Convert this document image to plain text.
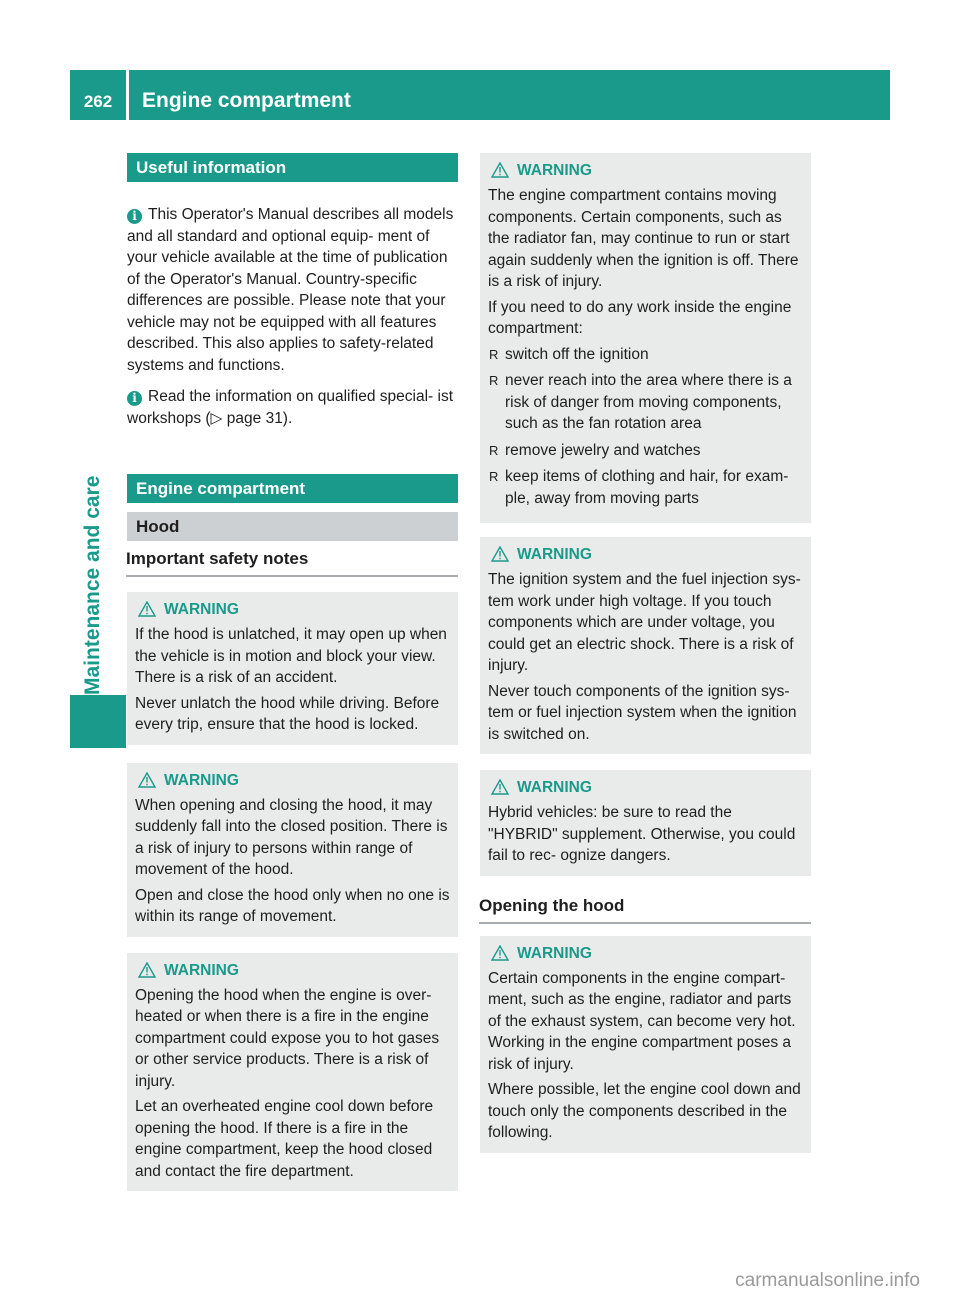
262	Engine compartment
Maintenance and care
Useful information

i This Operator's Manual describes all models and all standard and optional equip- ment of your vehicle available at the time of publication of the Operator's Manual. Country-specific differences are possible. Please note that your vehicle may not be equipped with all features described. This also applies to safety-related systems and functions.

i Read the information on qualified special- ist workshops (▷ page 31).

Engine compartment
Hood
Important safety notes
WARNING

If the hood is unlatched, it may open up when the vehicle is in motion and block your view. There is a risk of an accident.

Never unlatch the hood while driving. Before every trip, ensure that the hood is locked.

WARNING

When opening and closing the hood, it may suddenly fall into the closed position. There is a risk of injury to persons within range of movement of the hood.

Open and close the hood only when no one is within its range of movement.

WARNING

Opening the hood when the engine is over- heated or when there is a fire in the engine compartment could expose you to hot gases or other service products. There is a risk of injury.

Let an overheated engine cool down before opening the hood. If there is a fire in the engine compartment, keep the hood closed and contact the fire department.

WARNING

The engine compartment contains moving components. Certain components, such as the radiator fan, may continue to run or start again suddenly when the ignition is off. There is a risk of injury.

If you need to do any work inside the engine compartment:

R switch off the ignition
R never reach into the area where there is a risk of danger from moving components, such as the fan rotation area
R remove jewelry and watches
R keep items of clothing and hair, for exam- ple, away from moving parts
WARNING

The ignition system and the fuel injection sys- tem work under high voltage. If you touch components which are under voltage, you could get an electric shock. There is a risk of injury.

Never touch components of the ignition sys- tem or fuel injection system when the ignition is switched on.

WARNING

Hybrid vehicles: be sure to read the "HYBRID" supplement. Otherwise, you could fail to rec- ognize dangers.

Opening the hood
WARNING

Certain components in the engine compart- ment, such as the engine, radiator and parts of the exhaust system, can become very hot. Working in the engine compartment poses a risk of injury.

Where possible, let the engine cool down and touch only the components described in the following.

carmanualsonline.info
